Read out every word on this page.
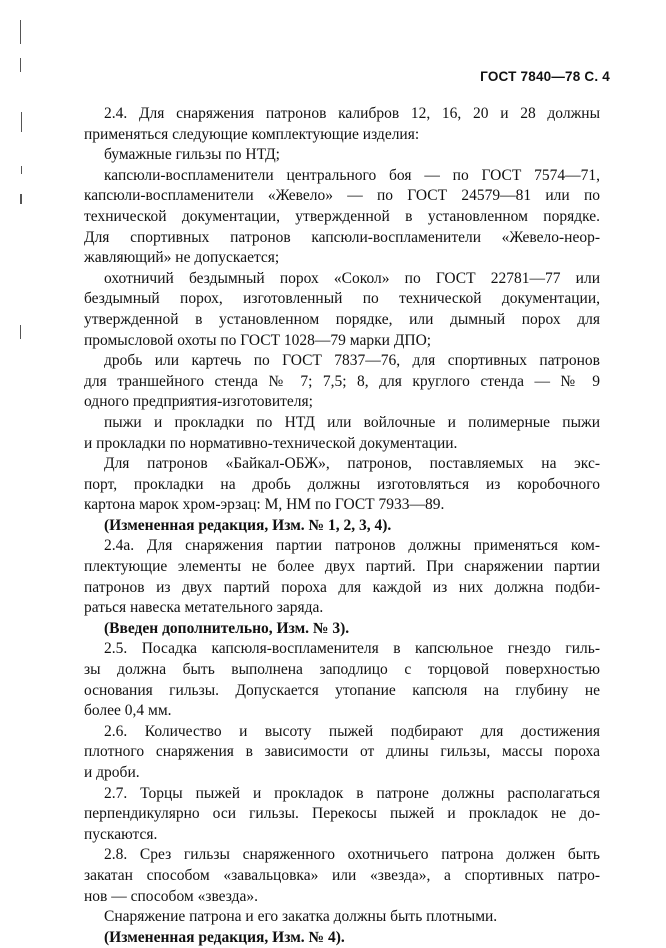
ГОСТ 7840—78 С. 4
2.4. Для снаряжения патронов калибров 12, 16, 20 и 28 должны
применяться следующие комплектующие изделия:
бумажные гильзы по НТД;
капсюли-воспламенители центрального боя — по ГОСТ 7574—71,
капсюли-воспламенители «Жевело» — по ГОСТ 24579—81 или по
технической документации, утвержденной в установленном порядке.
Для спортивных патронов капсюли-воспламенители «Жевело-неор-
жавляющий» не допускается;
охотничий бездымный порох «Сокол» по ГОСТ 22781—77 или
бездымный порох, изготовленный по технической документации,
утвержденной в установленном порядке, или дымный порох для
промысловой охоты по ГОСТ 1028—79 марки ДПО;
дробь или картечь по ГОСТ 7837—76, для спортивных патронов
для траншейного стенда № 7; 7,5; 8, для круглого стенда — № 9
одного предприятия-изготовителя;
пыжи и прокладки по НТД или войлочные и полимерные пыжи
и прокладки по нормативно-технической документации.
Для патронов «Байкал-ОБЖ», патронов, поставляемых на экс-
порт, прокладки на дробь должны изготовляться из коробочного
картона марок хром-эрзац: М, НМ по ГОСТ 7933—89.
(Измененная редакция, Изм. № 1, 2, 3, 4).
2.4а. Для снаряжения партии патронов должны применяться ком-
плектующие элементы не более двух партий. При снаряжении партии
патронов из двух партий пороха для каждой из них должна подби-
раться навеска метательного заряда.
(Введен дополнительно, Изм. № 3).
2.5. Посадка капсюля-воспламенителя в капсюльное гнездо гиль-
зы должна быть выполнена заподлицо с торцовой поверхностью
основания гильзы. Допускается утопание капсюля на глубину не
более 0,4 мм.
2.6. Количество и высоту пыжей подбирают для достижения
плотного снаряжения в зависимости от длины гильзы, массы пороха
и дроби.
2.7. Торцы пыжей и прокладок в патроне должны располагаться
перпендикулярно оси гильзы. Перекосы пыжей и прокладок не до-
пускаются.
2.8. Срез гильзы снаряженного охотничьего патрона должен быть
закатан способом «завальцовка» или «звезда», а спортивных патро-
нов — способом «звезда».
Снаряжение патрона и его закатка должны быть плотными.
(Измененная редакция, Изм. № 4).
